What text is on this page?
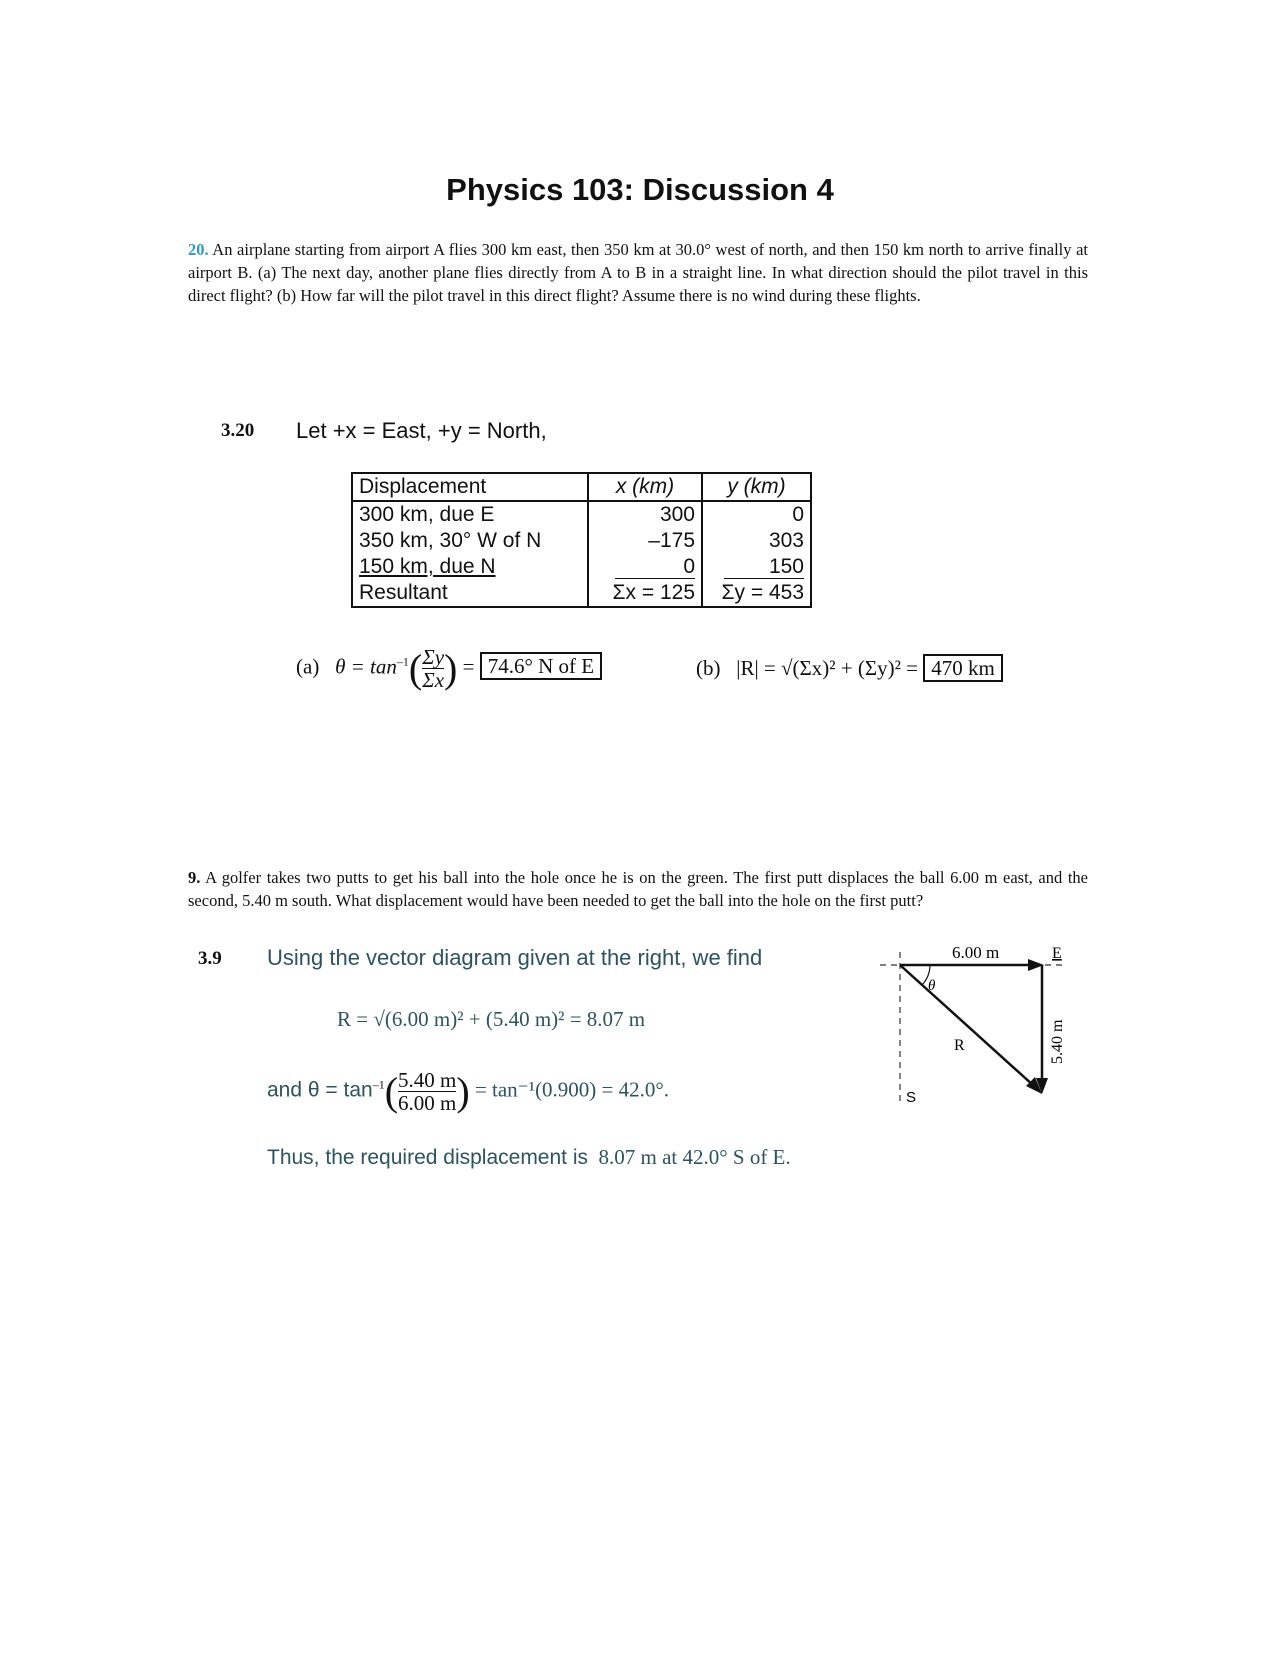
Physics 103: Discussion 4
20. An airplane starting from airport A flies 300 km east, then 350 km at 30.0° west of north, and then 150 km north to arrive finally at airport B. (a) The next day, another plane flies directly from A to B in a straight line. In what direction should the pilot travel in this direct flight? (b) How far will the pilot travel in this direct flight? Assume there is no wind during these flights.
3.20 Let +x = East, +y = North,
Displacement	x (km)	y (km)
300 km, due E	300	0
350 km, 30° W of N	–175	303
150 km, due N	0	150
Resultant	Σx = 125	Σy = 453
(a) $\theta = \tan^{-1}( \frac{\Sigma y}{\Sigma x}$ ) = 74.6° N of E	(b) |R| = √(Σx)² + (Σy)² = 470 km
9. A golfer takes two putts to get his ball into the hole once he is on the green. The first putt displaces the ball 6.00 m east, and the second, 5.40 m south. What displacement would have been needed to get the ball into the hole on the first putt?
3.9 Using the vector diagram given at the right, we find
R = √(6.00 m)² + (5.40 m)² = 8.07 m
and $\theta = \tan^{-1}( \frac{5.40 m}{6.00 m}$ ) = tan⁻¹(0.900) = 42.0°.
Thus, the required displacement is 8.07 m at 42.0° S of E.
6.00 m
θ
R
E
S
5.40 m
